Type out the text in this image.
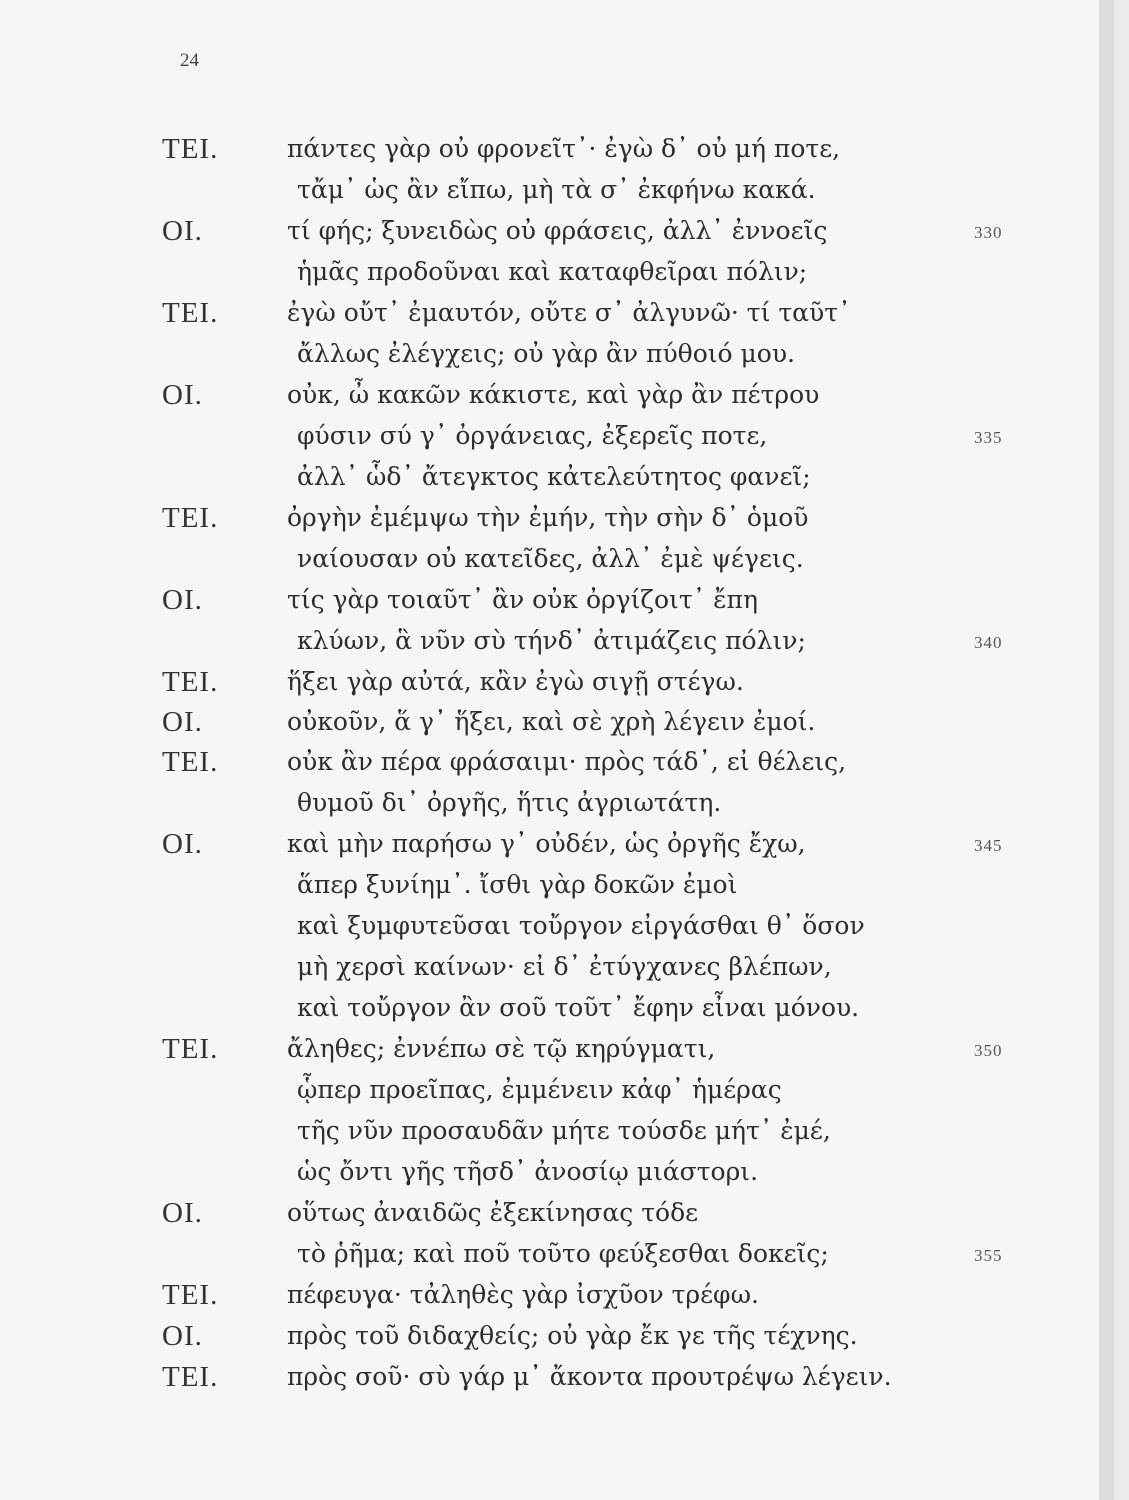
24
TEI.	πάντες γὰρ οὐ φρονεῖτ᾽· ἐγὼ δ᾽ οὐ μή ποτε,
τἄμ᾽ ὡς ἂν εἴπω, μὴ τὰ σ᾽ ἐκφήνω κακά.
OI.	τί φής; ξυνειδὼς οὐ φράσεις, ἀλλ᾽ ἐννοεῖς	330
ἡμᾶς προδοῦναι καὶ καταφθεῖραι πόλιν;
TEI.	ἐγὼ οὔτ᾽ ἐμαυτόν, οὔτε σ᾽ ἀλγυνῶ· τί ταῦτ᾽
ἄλλως ἐλέγχεις; οὐ γὰρ ἂν πύθοιό μου.
OI.	οὐκ, ὦ κακῶν κάκιστε, καὶ γὰρ ἂν πέτρου
φύσιν σύ γ᾽ ὀργάνειας, ἐξερεῖς ποτε,	335
ἀλλ᾽ ὧδ᾽ ἄτεγκτος κἀτελεύτητος φανεῖ;
TEI.	ὀργὴν ἐμέμψω τὴν ἐμήν, τὴν σὴν δ᾽ ὁμοῦ
ναίουσαν οὐ κατεῖδες, ἀλλ᾽ ἐμὲ ψέγεις.
OI.	τίς γὰρ τοιαῦτ᾽ ἂν οὐκ ὀργίζοιτ᾽ ἔπη
κλύων, ἃ νῦν σὺ τήνδ᾽ ἀτιμάζεις πόλιν;	340
TEI.	ἥξει γὰρ αὐτά, κἂν ἐγὼ σιγῇ στέγω.
OI.	οὐκοῦν, ἅ γ᾽ ἥξει, καὶ σὲ χρὴ λέγειν ἐμοί.
TEI.	οὐκ ἂν πέρα φράσαιμι· πρὸς τάδ᾽, εἰ θέλεις,
θυμοῦ δι᾽ ὀργῆς, ἥτις ἀγριωτάτη.
OI.	καὶ μὴν παρήσω γ᾽ οὐδέν, ὡς ὀργῆς ἔχω,	345
ἅπερ ξυνίημ᾽. ἴσθι γὰρ δοκῶν ἐμοὶ
καὶ ξυμφυτεῦσαι τοὔργον εἰργάσθαι θ᾽ ὅσον
μὴ χερσὶ καίνων· εἰ δ᾽ ἐτύγχανες βλέπων,
καὶ τοὔργον ἂν σοῦ τοῦτ᾽ ἔφην εἶναι μόνου.
TEI.	ἄληθες; ἐννέπω σὲ τῷ κηρύγματι,	350
ᾧπερ προεῖπας, ἐμμένειν κἀφ᾽ ἡμέρας
τῆς νῦν προσαυδᾶν μήτε τούσδε μήτ᾽ ἐμέ,
ὡς ὄντι γῆς τῆσδ᾽ ἀνοσίῳ μιάστορι.
OI.	οὕτως ἀναιδῶς ἐξεκίνησας τόδε
τὸ ῥῆμα; καὶ ποῦ τοῦτο φεύξεσθαι δοκεῖς;	355
TEI.	πέφευγα· τἀληθὲς γὰρ ἰσχῦον τρέφω.
OI.	πρὸς τοῦ διδαχθείς; οὐ γὰρ ἔκ γε τῆς τέχνης.
TEI.	πρὸς σοῦ· σὺ γάρ μ᾽ ἄκοντα προυτρέψω λέγειν.
